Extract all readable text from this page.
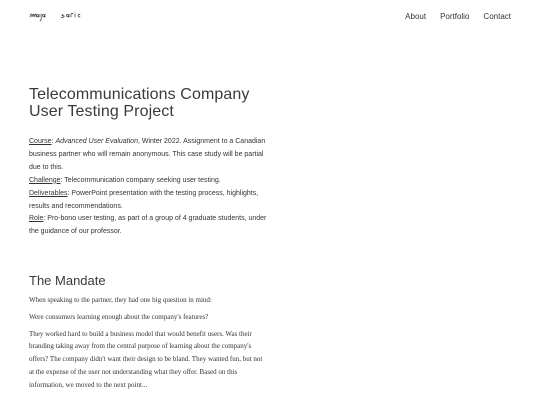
About Portfolio Contact
Telecommunications Company
User Testing Project

Course: Advanced User Evaluation, Winter 2022. Assignment to a Canadian business partner who will remain anonymous. This case study will be partial due to this.

Challenge: Telecommunication company seeking user testing.

Deliverables: PowerPoint presentation with the testing process, highlights, results and recommendations.

Role: Pro-bono user testing, as part of a group of 4 graduate students, under the guidance of our professor.

The Mandate

When speaking to the partner, they had one big question in mind:

Were consumers learning enough about the company's features?

They worked hard to build a business model that would benefit users. Was their branding taking away from the central purpose of learning about the company's offers? The company didn't want their design to be bland. They wanted fun, but not at the expense of the user not understanding what they offer. Based on this information, we moved to the next point...
